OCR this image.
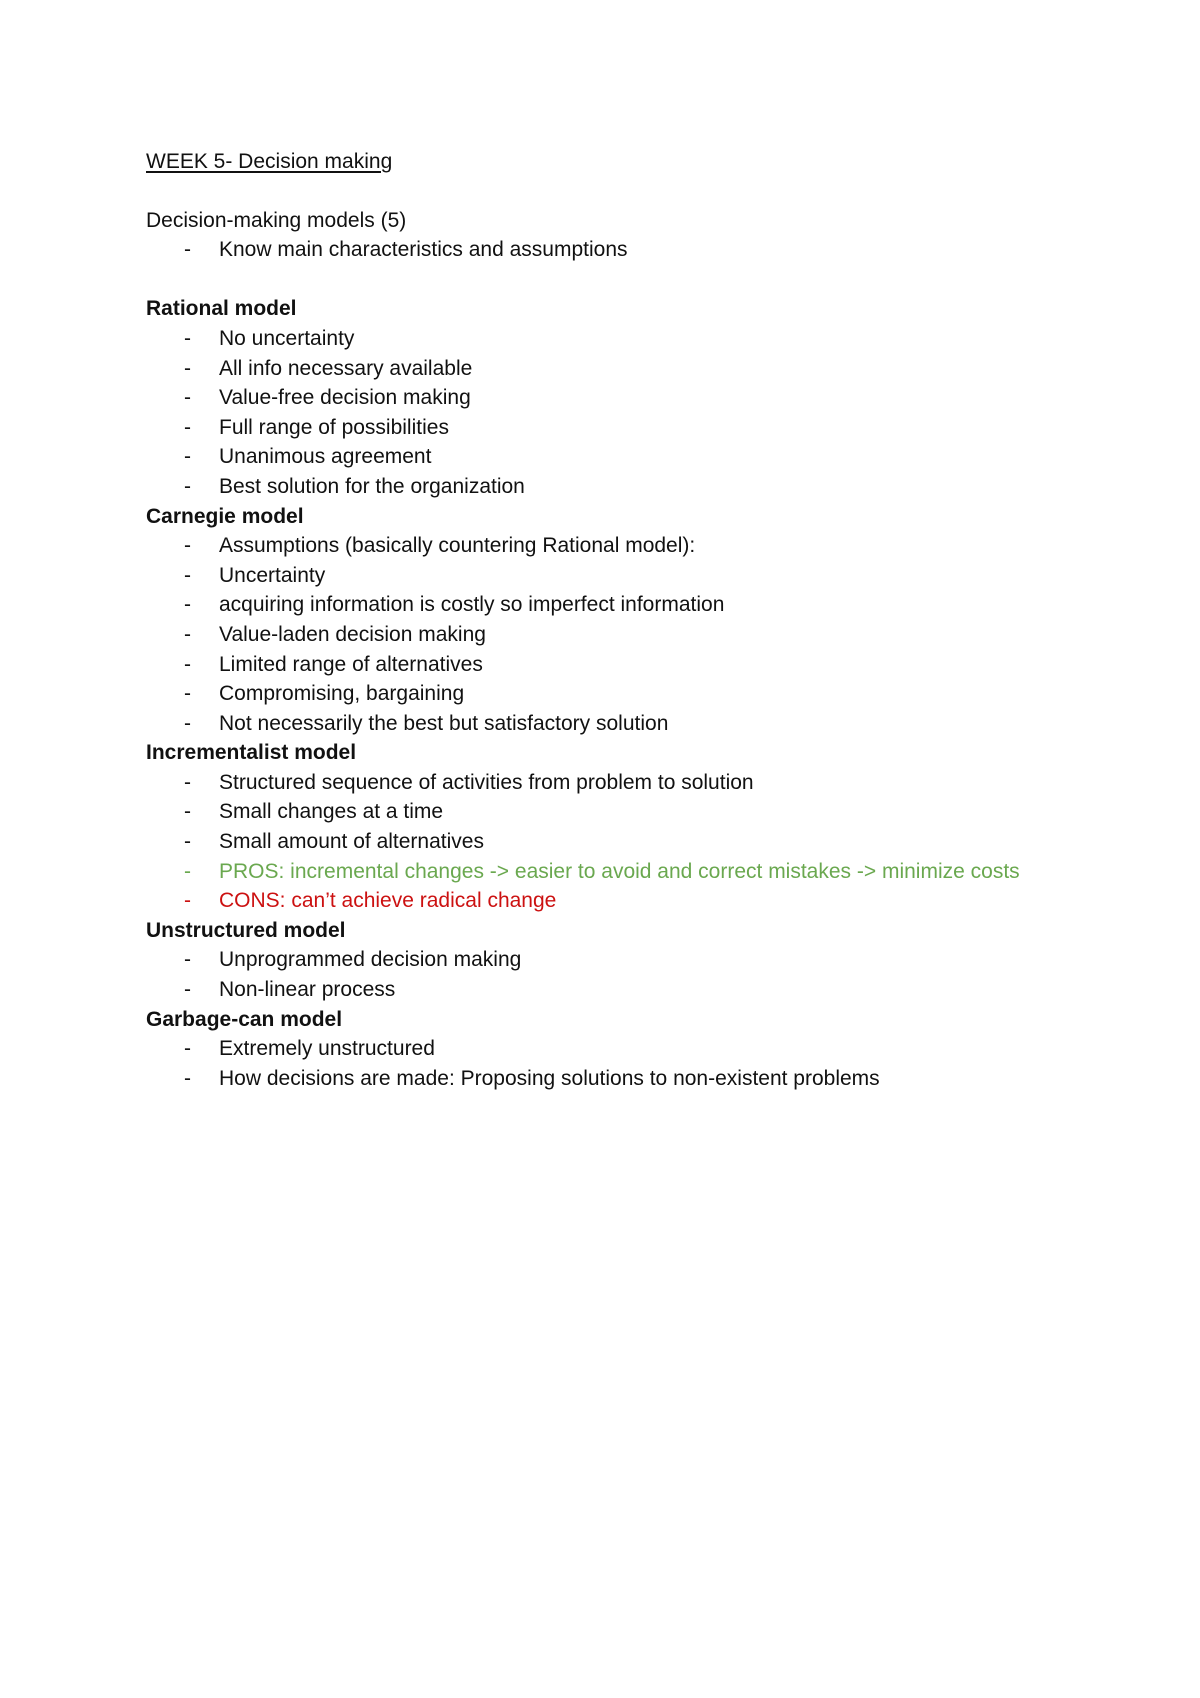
WEEK 5- Decision making
Decision-making models (5)
- Know main characteristics and assumptions
Rational model
- No uncertainty
- All info necessary available
- Value-free decision making
- Full range of possibilities
- Unanimous agreement
- Best solution for the organization
Carnegie model
- Assumptions (basically countering Rational model):
- Uncertainty
- acquiring information is costly so imperfect information
- Value-laden decision making
- Limited range of alternatives
- Compromising, bargaining
- Not necessarily the best but satisfactory solution
Incrementalist model
- Structured sequence of activities from problem to solution
- Small changes at a time
- Small amount of alternatives
- PROS: incremental changes -> easier to avoid and correct mistakes -> minimize costs
- CONS: can’t achieve radical change
Unstructured model
- Unprogrammed decision making
- Non-linear process
Garbage-can model
- Extremely unstructured
- How decisions are made: Proposing solutions to non-existent problems
